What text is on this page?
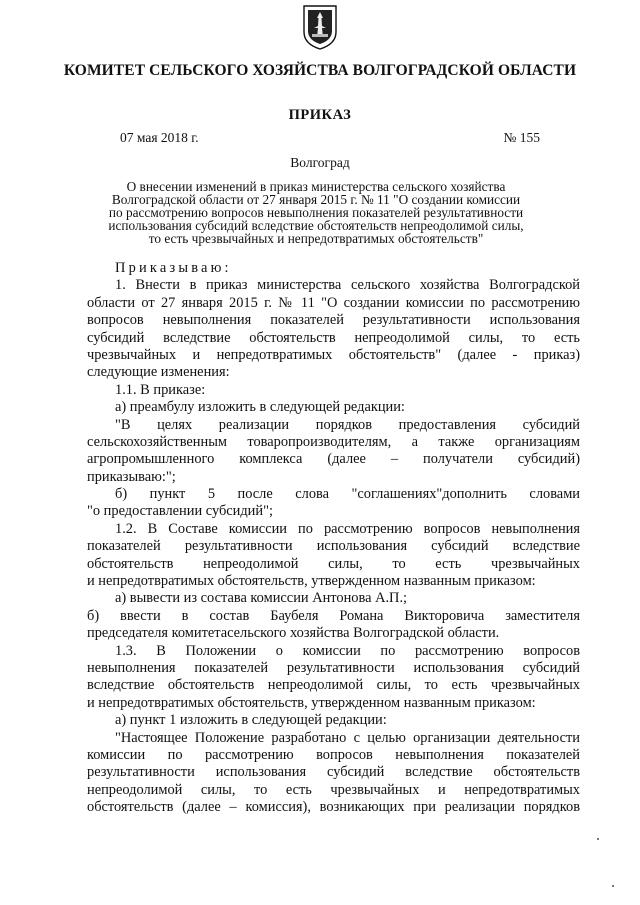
КОМИТЕТ СЕЛЬСКОГО ХОЗЯЙСТВА ВОЛГОГРАДСКОЙ ОБЛАСТИ
ПРИКАЗ
07 мая 2018 г.	№ 155
Волгоград
О внесении изменений в приказ министерства сельского хозяйства
Волгоградской области от 27 января 2015 г. № 11 "О создании комиссии
по рассмотрению вопросов невыполнения показателей результативности
использования субсидий вследствие обстоятельств непреодолимой силы,
то есть чрезвычайных и непредотвратимых обстоятельств"
Приказываю:
1. Внести в приказ министерства сельского хозяйства Волгоградской
области от 27 января 2015 г. № 11 "О создании комиссии по рассмотрению
вопросов невыполнения показателей результативности использования
субсидий вследствие обстоятельств непреодолимой силы, то есть
чрезвычайных и непредотвратимых обстоятельств" (далее - приказ)
следующие изменения:
1.1. В приказе:
а) преамбулу изложить в следующей редакции:
"В целях реализации порядков предоставления субсидий
сельскохозяйственным товаропроизводителям, а также организациям
агропромышленного комплекса (далее – получатели субсидий)
приказываю:";
б) пункт 5 после слова "соглашениях"дополнить словами
"о предоставлении субсидий";
1.2. В Составе комиссии по рассмотрению вопросов невыполнения
показателей результативности использования субсидий вследствие
обстоятельств непреодолимой силы, то есть чрезвычайных
и непредотвратимых обстоятельств, утвержденном названным приказом:
а) вывести из состава комиссии Антонова А.П.;
б) ввести в состав Баубеля Романа Викторовича заместителя
председателя комитетасельского хозяйства Волгоградской области.
1.3. В Положении о комиссии по рассмотрению вопросов
невыполнения показателей результативности использования субсидий
вследствие обстоятельств непреодолимой силы, то есть чрезвычайных
и непредотвратимых обстоятельств, утвержденном названным приказом:
а) пункт 1 изложить в следующей редакции:
"Настоящее Положение разработано с целью организации деятельности
комиссии по рассмотрению вопросов невыполнения показателей
результативности использования субсидий вследствие обстоятельств
непреодолимой силы, то есть чрезвычайных и непредотвратимых
обстоятельств (далее – комиссия), возникающих при реализации порядков
